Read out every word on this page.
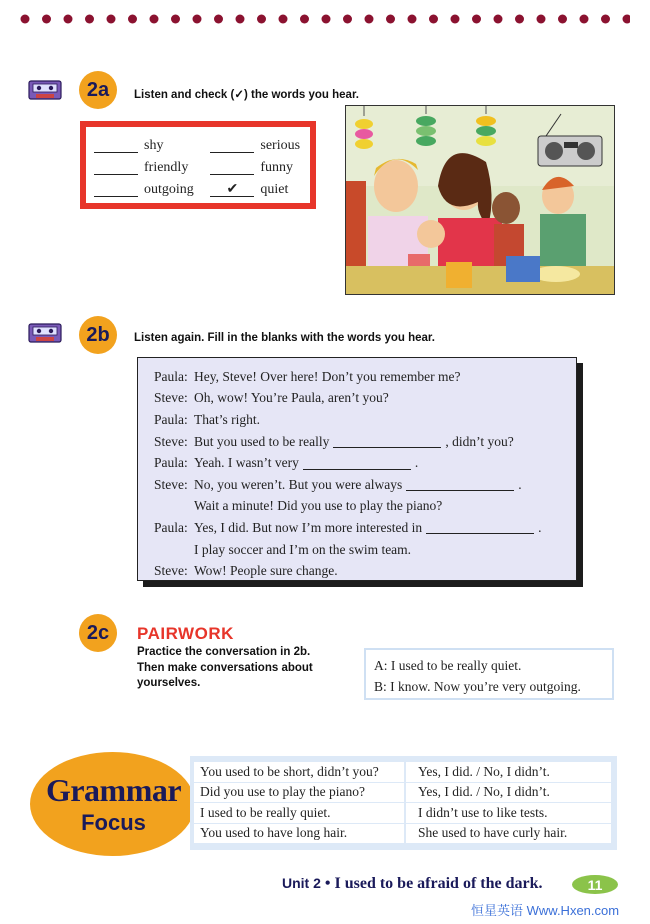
2a	Listen and check (✓) the words you hear.
shy	serious
friendly	funny
outgoing	✔	quiet
2b	Listen again. Fill in the blanks with the words you hear.
Paula: Hey, Steve! Over here! Don’t you remember me?
Steve: Oh, wow! You’re Paula, aren’t you?
Paula: That’s right.
Steve: But you used to be really	, didn’t you?
Paula: Yeah. I wasn’t very	.
Steve: No, you weren’t. But you were always	.
Wait a minute! Did you use to play the piano?
Paula: Yes, I did. But now I’m more interested in	.
I play soccer and I’m on the swim team.
Steve: Wow! People sure change.
2c	PAIRWORK
Practice the conversation in 2b. Then make conversations about yourselves.
A: I used to be really quiet.
B: I know. Now you’re very outgoing.
Grammar
Focus
You used to be short, didn’t you?	Yes, I did. / No, I didn’t.
Did you use to play the piano?	Yes, I did. / No, I didn’t.
I used to be really quiet.	I didn’t use to like tests.
You used to have long hair.	She used to have curly hair.
Unit 2 • I used to be afraid of the dark.	11
恒星英语 Www.Hxen.com
